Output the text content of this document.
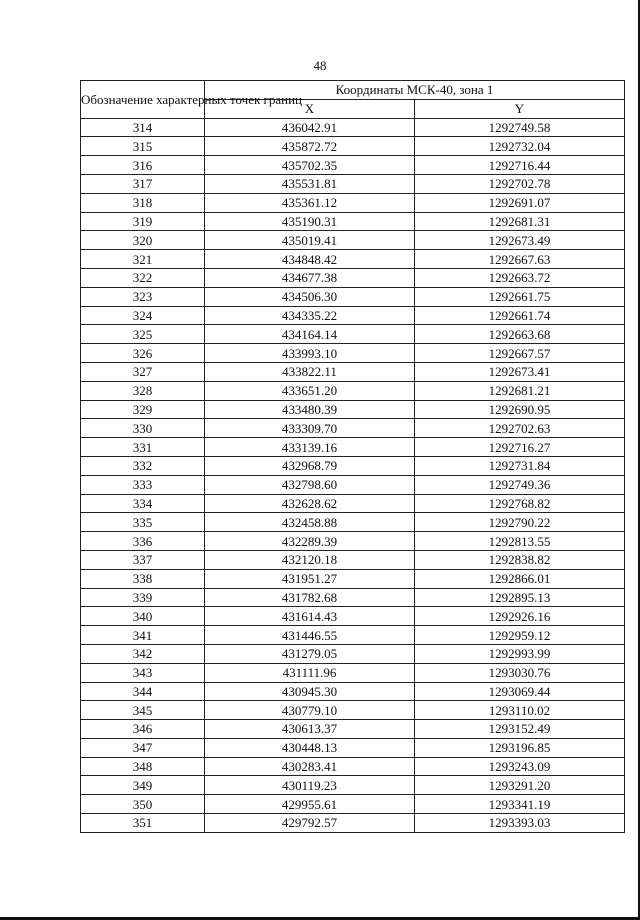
48
Обозначение характерных точек границ	Координаты МСК-40, зона 1	
	X	Y
314	436042.91	1292749.58
315	435872.72	1292732.04
316	435702.35	1292716.44
317	435531.81	1292702.78
318	435361.12	1292691.07
319	435190.31	1292681.31
320	435019.41	1292673.49
321	434848.42	1292667.63
322	434677.38	1292663.72
323	434506.30	1292661.75
324	434335.22	1292661.74
325	434164.14	1292663.68
326	433993.10	1292667.57
327	433822.11	1292673.41
328	433651.20	1292681.21
329	433480.39	1292690.95
330	433309.70	1292702.63
331	433139.16	1292716.27
332	432968.79	1292731.84
333	432798.60	1292749.36
334	432628.62	1292768.82
335	432458.88	1292790.22
336	432289.39	1292813.55
337	432120.18	1292838.82
338	431951.27	1292866.01
339	431782.68	1292895.13
340	431614.43	1292926.16
341	431446.55	1292959.12
342	431279.05	1292993.99
343	431111.96	1293030.76
344	430945.30	1293069.44
345	430779.10	1293110.02
346	430613.37	1293152.49
347	430448.13	1293196.85
348	430283.41	1293243.09
349	430119.23	1293291.20
350	429955.61	1293341.19
351	429792.57	1293393.03
